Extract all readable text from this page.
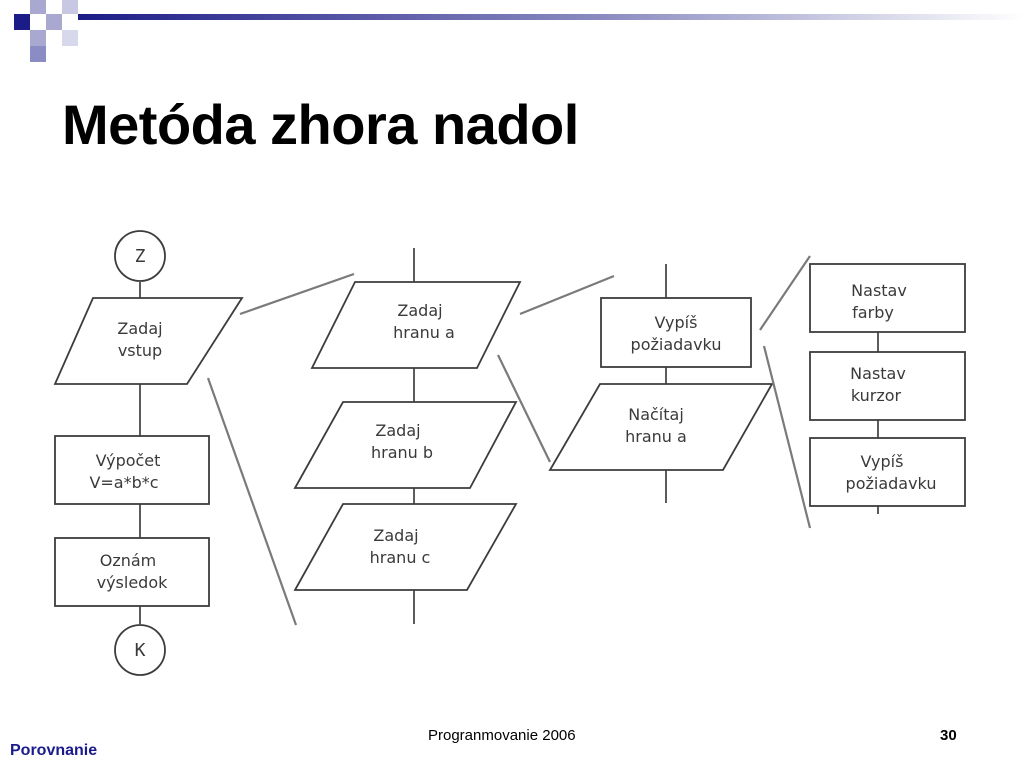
Metóda zhora nadol
Z
Zadaj
vstup
Výpočet
V=a*b*c
Oznám
výsledok
K
Zadaj
hranu a
Zadaj
hranu b
Zadaj
hranu c
Vypíš
požiadavku
Načítaj
hranu a
Nastav
farby
Nastav
kurzor
Vypíš
požiadavku
Progranmovanie 2006	30
Porovnanie
